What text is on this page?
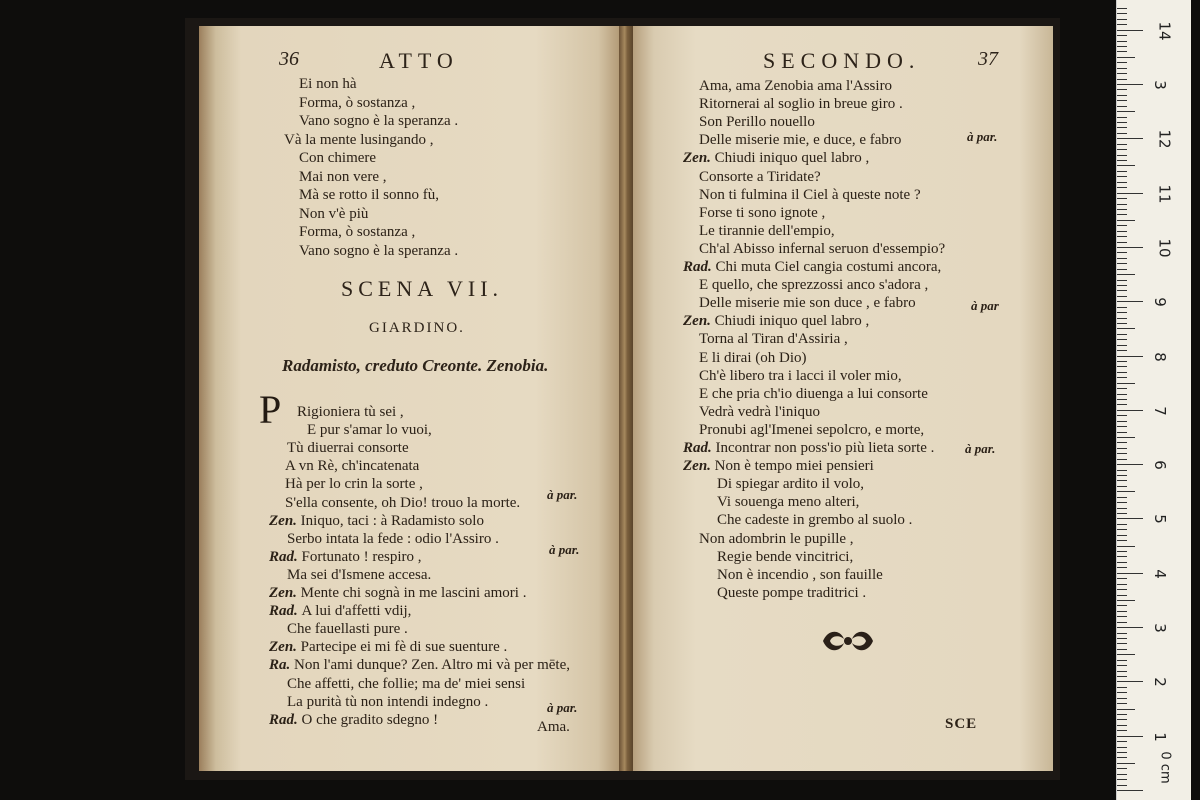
36	ATTO
Ei non hà
Forma, ò sostanza ,
Vano sogno è la speranza .
Và la mente lusingando ,
Con chimere
Mai non vere ,
Mà se rotto il sonno fù,
Non v'è più
Forma, ò sostanza ,
Vano sogno è la speranza .
SCENA VII.
GIARDINO.
Radamisto, creduto Creonte. Zenobia.
P Rigioniera tù sei ,
E pur s'amar lo vuoi,
Tù diuerrai consorte
A vn Rè, ch'incatenata
Hà per lo crin la sorte ,
S'ella consente, oh Dio! trouo la morte.
Zen. Iniquo, taci : à Radamisto solo
Serbo intata la fede : odio l'Assiro .
Rad. Fortunato ! respiro ,
Ma sei d'Ismene accesa.
Zen. Mente chi sognà in me lascini amori .
Rad. A lui d'affetti vdij,
Che fauellasti pure .
Zen. Partecipe ei mi fè di sue suenture .
Ra. Non l'ami dunque? Zen. Altro mi và per mēte,
Che affetti, che follie; ma de' miei sensi
La purità tù non intendi indegno .
Rad. O che gradito sdegno !
à par.
à par.
à par.
Ama.
SECONDO.	37
Ama, ama Zenobia ama l'Assiro
Ritornerai al soglio in breue giro .
Son Perillo nouello
Delle miserie mie, e duce, e fabro
Zen. Chiudi iniquo quel labro ,
Consorte a Tiridate?
Non ti fulmina il Ciel à queste note ?
Forse ti sono ignote ,
Le tirannie dell'empio,
Ch'al Abisso infernal seruon d'essempio?
Rad. Chi muta Ciel cangia costumi ancora,
E quello, che sprezzossi anco s'adora ,
Delle miserie mie son duce , e fabro
Zen. Chiudi iniquo quel labro ,
Torna al Tiran d'Assiria ,
E li dirai (oh Dio)
Ch'è libero tra i lacci il voler mio,
E che pria ch'io diuenga a lui consorte
Vedrà vedrà l'iniquo
Pronubi agl'Imenei sepolcro, e morte,
Rad. Incontrar non poss'io più lieta sorte .
Zen. Non è tempo miei pensieri
Di spiegar ardito il volo,
Vi souenga meno alteri,
Che cadeste in grembo al suolo .
Non adombrin le pupille ,
Regie bende vincitrici,
Non è incendio , son fauille
Queste pompe traditrici .
à par.
à par
à par.
SCE
0 cm
14
3
12
11
10
9
8
7
6
5
4
3
2
1
